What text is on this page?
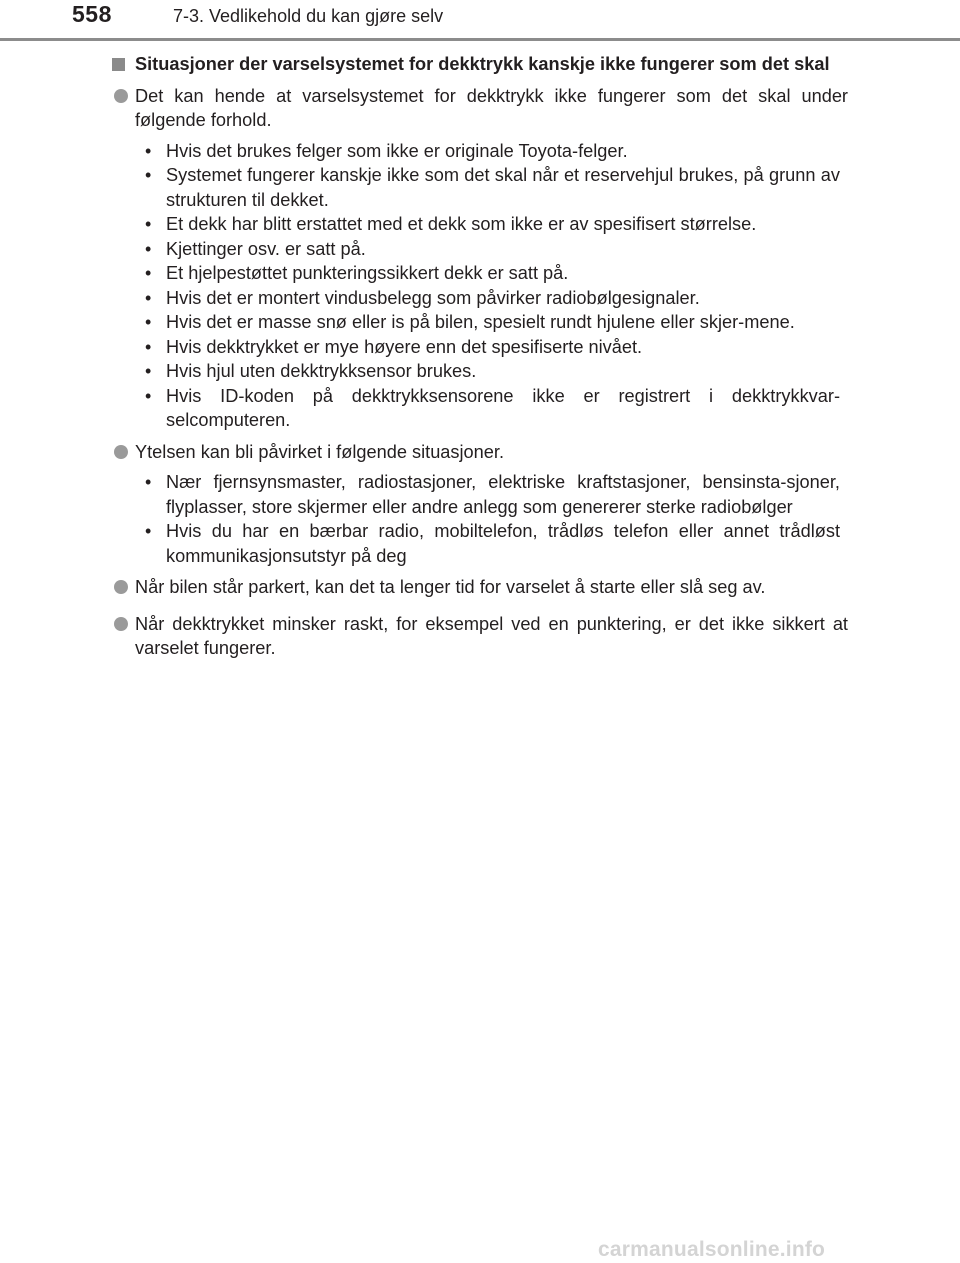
558	7-3. Vedlikehold du kan gjøre selv
Situasjoner der varselsystemet for dekktrykk kanskje ikke fungerer som det skal
Det kan hende at varselsystemet for dekktrykk ikke fungerer som det skal under følgende forhold.
• Hvis det brukes felger som ikke er originale Toyota-felger.
• Systemet fungerer kanskje ikke som det skal når et reservehjul brukes, på grunn av strukturen til dekket.
• Et dekk har blitt erstattet med et dekk som ikke er av spesifisert størrelse.
• Kjettinger osv. er satt på.
• Et hjelpestøttet punkteringssikkert dekk er satt på.
• Hvis det er montert vindusbelegg som påvirker radiobølgesignaler.
• Hvis det er masse snø eller is på bilen, spesielt rundt hjulene eller skjer-mene.
• Hvis dekktrykket er mye høyere enn det spesifiserte nivået.
• Hvis hjul uten dekktrykksensor brukes.
• Hvis ID-koden på dekktrykksensorene ikke er registrert i dekktrykkvar-selcomputeren.
Ytelsen kan bli påvirket i følgende situasjoner.
• Nær fjernsynsmaster, radiostasjoner, elektriske kraftstasjoner, bensinsta-sjoner, flyplasser, store skjermer eller andre anlegg som genererer sterke radiobølger
• Hvis du har en bærbar radio, mobiltelefon, trådløs telefon eller annet trådløst kommunikasjonsutstyr på deg
Når bilen står parkert, kan det ta lenger tid for varselet å starte eller slå seg av.
Når dekktrykket minsker raskt, for eksempel ved en punktering, er det ikke sikkert at varselet fungerer.
carmanualsonline.info
